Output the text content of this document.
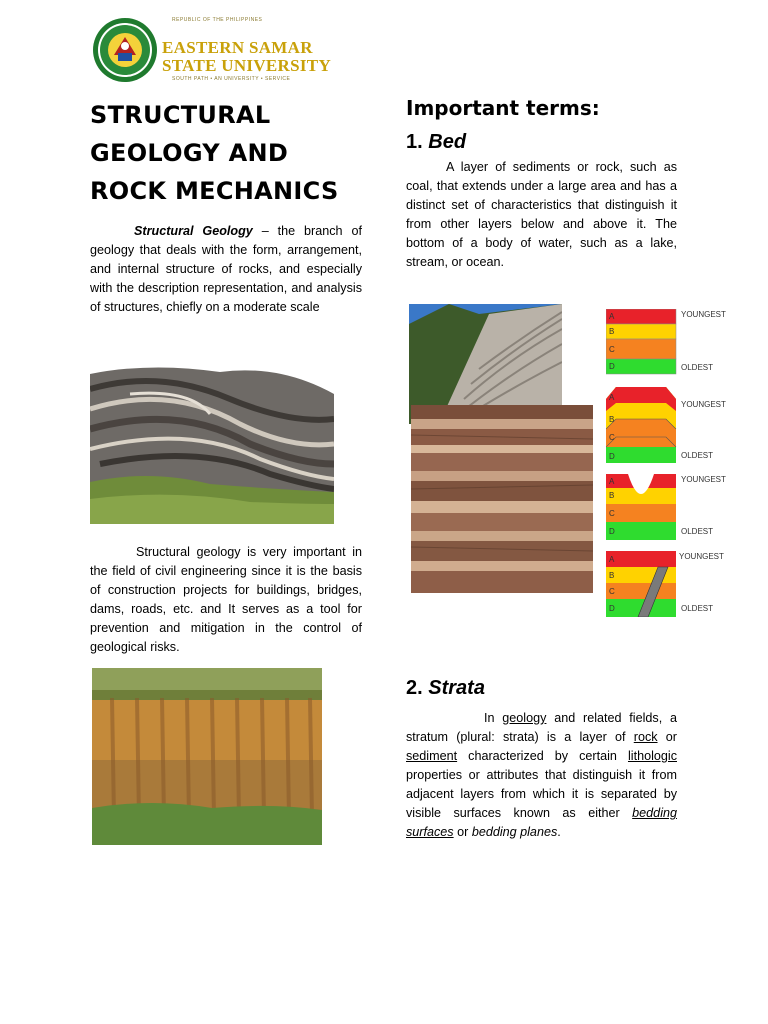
REPUBLIC OF THE PHILIPPINES
EASTERN SAMAR
STATE UNIVERSITY
SOUTH PATH • AN UNIVERSITY • SERVICE
STRUCTURAL
GEOLOGY AND
ROCK MECHANICS
Structural Geology – the branch of geology that deals with the form, arrangement, and internal structure of rocks, and especially with the description representation, and analysis of structures, chiefly on a moderate scale
Structural geology is very important in the field of civil engineering since it is the basis of construction projects for buildings, bridges, dams, roads, etc. and It serves as a tool for prevention and mitigation in the control of geological risks.
Important terms:
1. Bed
A layer of sediments or rock, such as coal, that extends under a large area and has a distinct set of characteristics that distinguish it from other layers below and above it. The bottom of a body of water, such as a lake, stream, or ocean.
A
B
C
D
YOUNGEST
OLDEST
A
B
C
D
YOUNGEST
OLDEST
A
B
C
D
YOUNGEST
OLDEST
A
B
C
D
YOUNGEST
OLDEST
2. Strata
In geology and related fields, a stratum (plural: strata) is a layer of rock or sediment characterized by certain lithologic properties or attributes that distinguish it from adjacent layers from which it is separated by visible surfaces known as either bedding surfaces or bedding planes.
